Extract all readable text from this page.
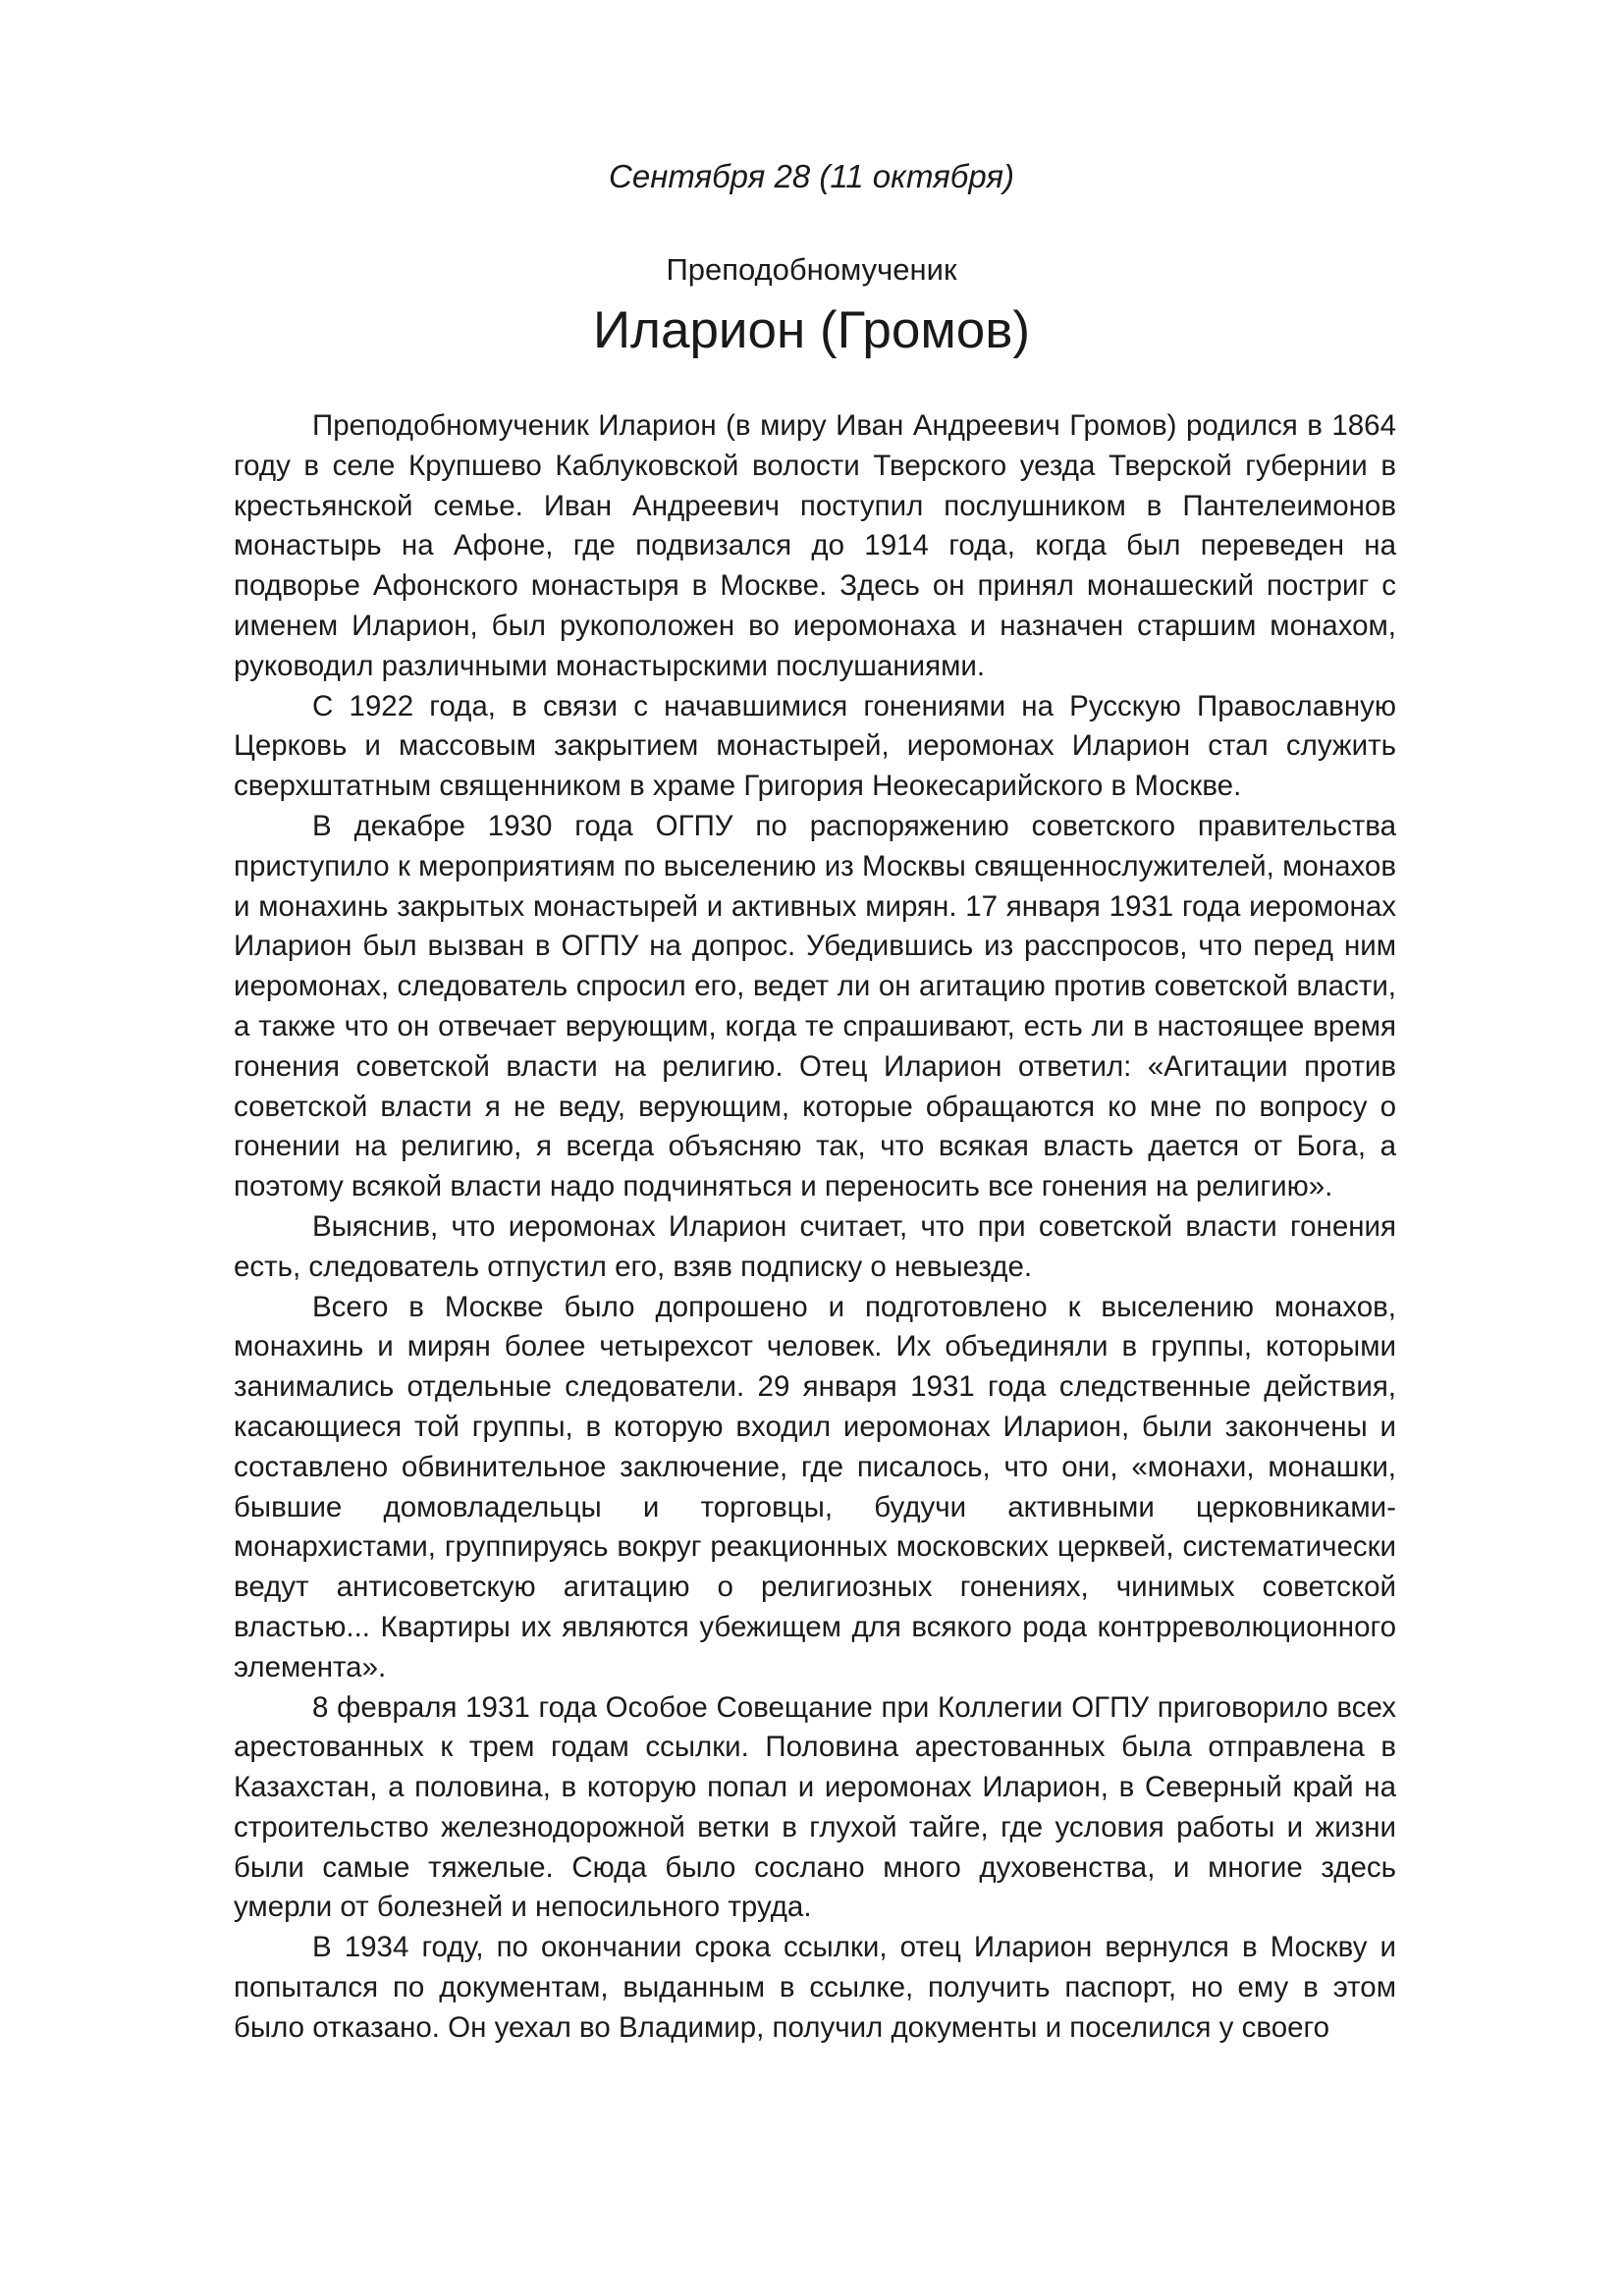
Сентября 28 (11 октября)
Преподобномученик
Иларион (Громов)

Преподобномученик Иларион (в миру Иван Андреевич Громов) родился в 1864 году в селе Крупшево Каблуковской волости Тверского уезда Тверской губернии в крестьянской семье. Иван Андреевич поступил послушником в Пантелеимонов монастырь на Афоне, где подвизался до 1914 года, когда был переведен на подворье Афонского монастыря в Москве. Здесь он принял монашеский постриг с именем Иларион, был рукоположен во иеромонаха и назначен старшим монахом, руководил различными монастырскими послушаниями.

С 1922 года, в связи с начавшимися гонениями на Русскую Православную Церковь и массовым закрытием монастырей, иеромонах Иларион стал служить сверхштатным священником в храме Григория Неокесарийского в Москве.

В декабре 1930 года ОГПУ по распоряжению советского правительства приступило к мероприятиям по выселению из Москвы священнослужителей, монахов и монахинь закрытых монастырей и активных мирян. 17 января 1931 года иеромонах Иларион был вызван в ОГПУ на допрос. Убедившись из расспросов, что перед ним иеромонах, следователь спросил его, ведет ли он агитацию против советской власти, а также что он отвечает верующим, когда те спрашивают, есть ли в настоящее время гонения советской власти на религию. Отец Иларион ответил: «Агитации против советской власти я не веду, верующим, которые обращаются ко мне по вопросу о гонении на религию, я всегда объясняю так, что всякая власть дается от Бога, а поэтому всякой власти надо подчиняться и переносить все гонения на религию».

Выяснив, что иеромонах Иларион считает, что при советской власти гонения есть, следователь отпустил его, взяв подписку о невыезде.

Всего в Москве было допрошено и подготовлено к выселению монахов, монахинь и мирян более четырехсот человек. Их объединяли в группы, которыми занимались отдельные следователи. 29 января 1931 года следственные действия, касающиеся той группы, в которую входил иеромонах Иларион, были закончены и составлено обвинительное заключение, где писалось, что они, «монахи, монашки, бывшие домовладельцы и торговцы, будучи активными церковниками-монархистами, группируясь вокруг реакционных московских церквей, систематически ведут антисоветскую агитацию о религиозных гонениях, чинимых советской властью... Квартиры их являются убежищем для всякого рода контрреволюционного элемента».

8 февраля 1931 года Особое Совещание при Коллегии ОГПУ приговорило всех арестованных к трем годам ссылки. Половина арестованных была отправлена в Казахстан, а половина, в которую попал и иеромонах Иларион, в Северный край на строительство железнодорожной ветки в глухой тайге, где условия работы и жизни были самые тяжелые. Сюда было сослано много духовенства, и многие здесь умерли от болезней и непосильного труда.

В 1934 году, по окончании срока ссылки, отец Иларион вернулся в Москву и попытался по документам, выданным в ссылке, получить паспорт, но ему в этом было отказано. Он уехал во Владимир, получил документы и поселился у своего
